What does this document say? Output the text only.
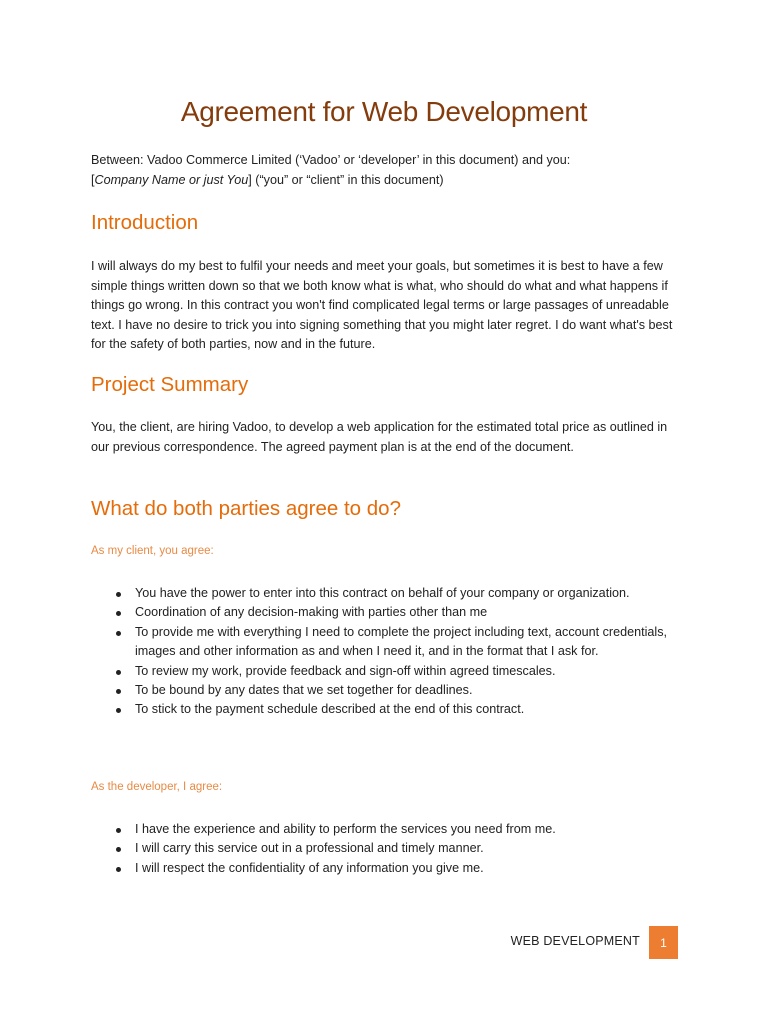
Agreement for Web Development
Between: Vadoo Commerce Limited (‘Vadoo’ or ‘developer’ in this document) and you:
[Company Name or just You] (“you” or “client” in this document)
Introduction
I will always do my best to fulfil your needs and meet your goals, but sometimes it is best to have a few simple things written down so that we both know what is what, who should do what and what happens if things go wrong. In this contract you won't find complicated legal terms or large passages of unreadable text. I have no desire to trick you into signing something that you might later regret. I do want what's best for the safety of both parties, now and in the future.
Project Summary
You, the client, are hiring Vadoo, to develop a web application for the estimated total price as outlined in our previous correspondence. The agreed payment plan is at the end of the document.
What do both parties agree to do?
As my client, you agree:
You have the power to enter into this contract on behalf of your company or organization.
Coordination of any decision-making with parties other than me
To provide me with everything I need to complete the project including text, account credentials, images and other information as and when I need it, and in the format that I ask for.
To review my work, provide feedback and sign-off within agreed timescales.
To be bound by any dates that we set together for deadlines.
To stick to the payment schedule described at the end of this contract.
As the developer, I agree:
I have the experience and ability to perform the services you need from me.
I will carry this service out in a professional and timely manner.
I will respect the confidentiality of any information you give me.
WEB DEVELOPMENT 1
